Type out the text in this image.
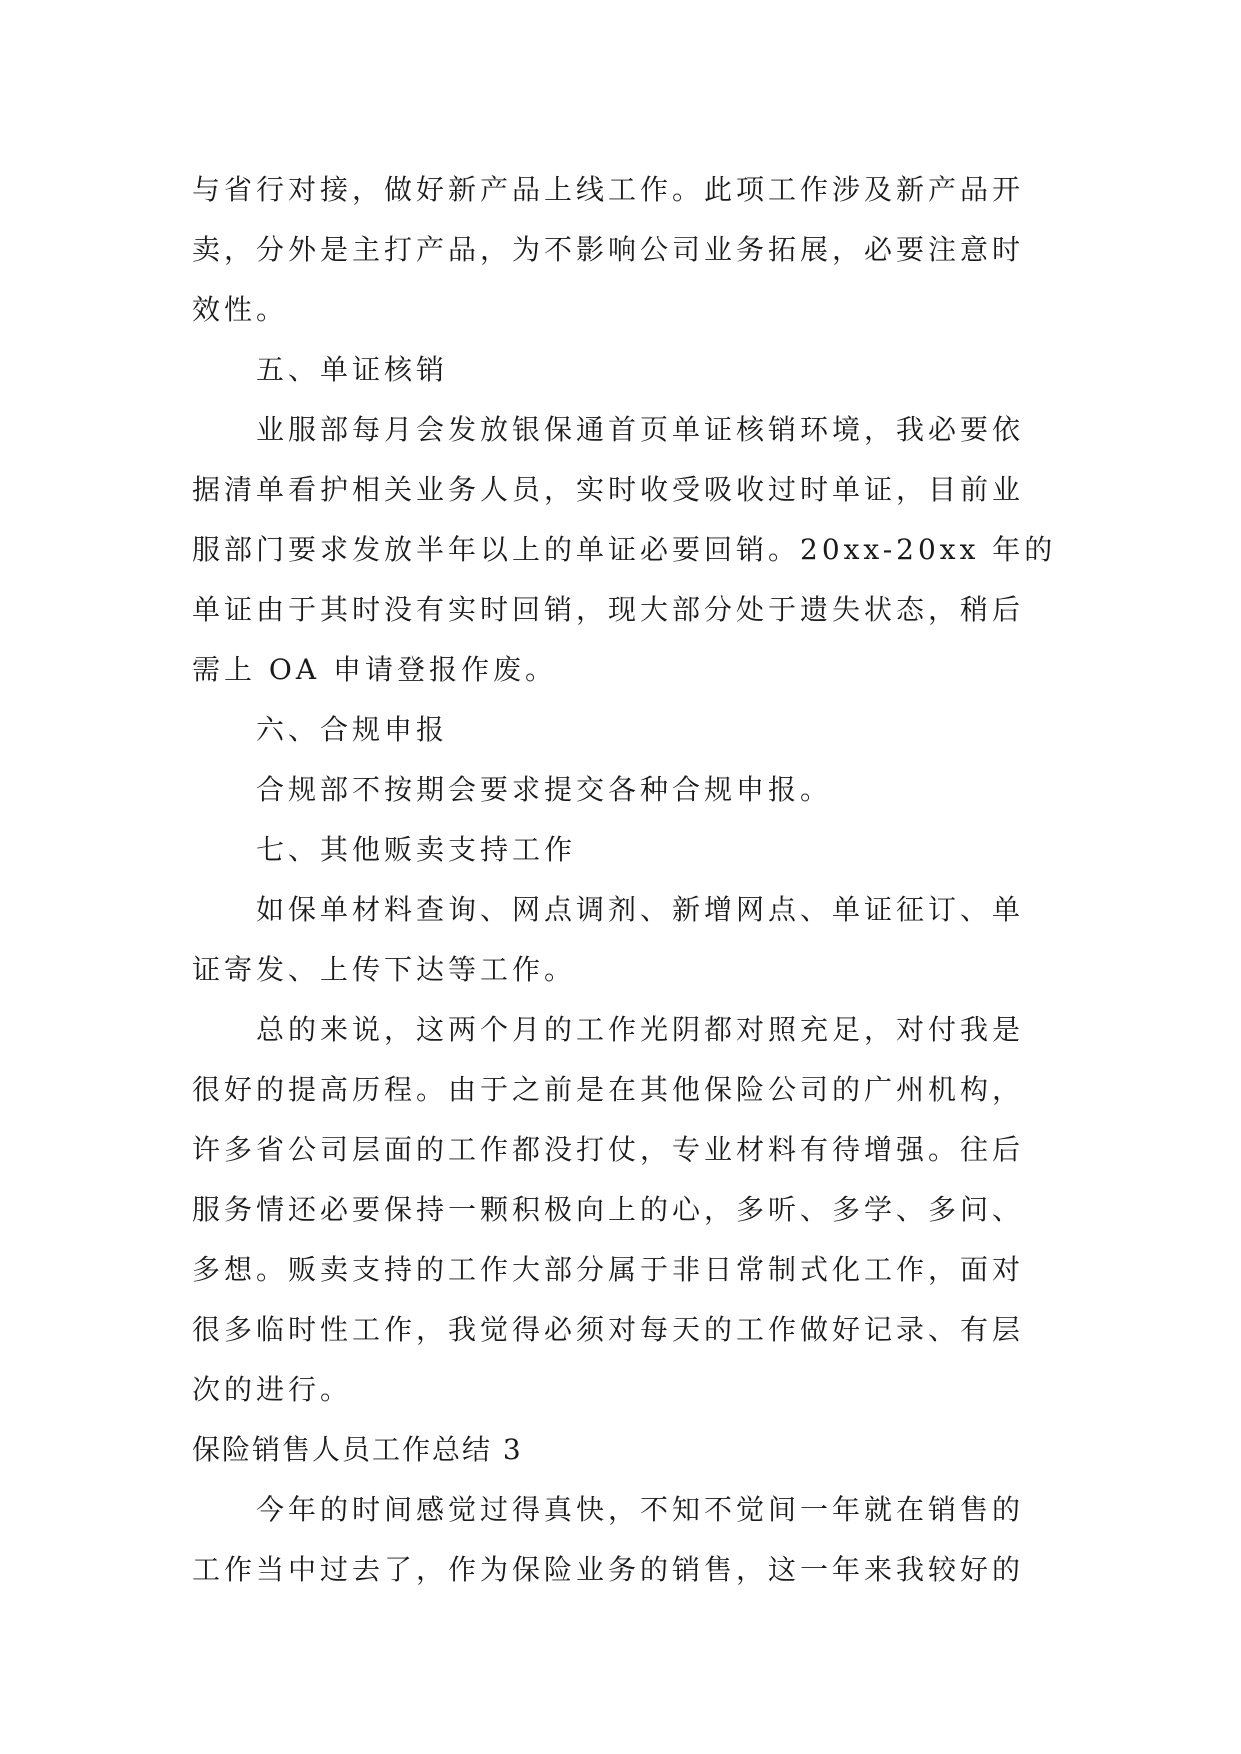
与省行对接，做好新产品上线工作。此项工作涉及新产品开
卖，分外是主打产品，为不影响公司业务拓展，必要注意时
效性。
五、单证核销
业服部每月会发放银保通首页单证核销环境，我必要依
据清单看护相关业务人员，实时收受吸收过时单证，目前业
服部门要求发放半年以上的单证必要回销。20xx-20xx 年的
单证由于其时没有实时回销，现大部分处于遗失状态，稍后
需上 OA 申请登报作废。
六、合规申报
合规部不按期会要求提交各种合规申报。
七、其他贩卖支持工作
如保单材料查询、网点调剂、新增网点、单证征订、单
证寄发、上传下达等工作。
总的来说，这两个月的工作光阴都对照充足，对付我是
很好的提高历程。由于之前是在其他保险公司的广州机构，
许多省公司层面的工作都没打仗，专业材料有待增强。往后
服务情还必要保持一颗积极向上的心，多听、多学、多问、
多想。贩卖支持的工作大部分属于非日常制式化工作，面对
很多临时性工作，我觉得必须对每天的工作做好记录、有层
次的进行。
保险销售人员工作总结 3
今年的时间感觉过得真快，不知不觉间一年就在销售的
工作当中过去了，作为保险业务的销售，这一年来我较好的
